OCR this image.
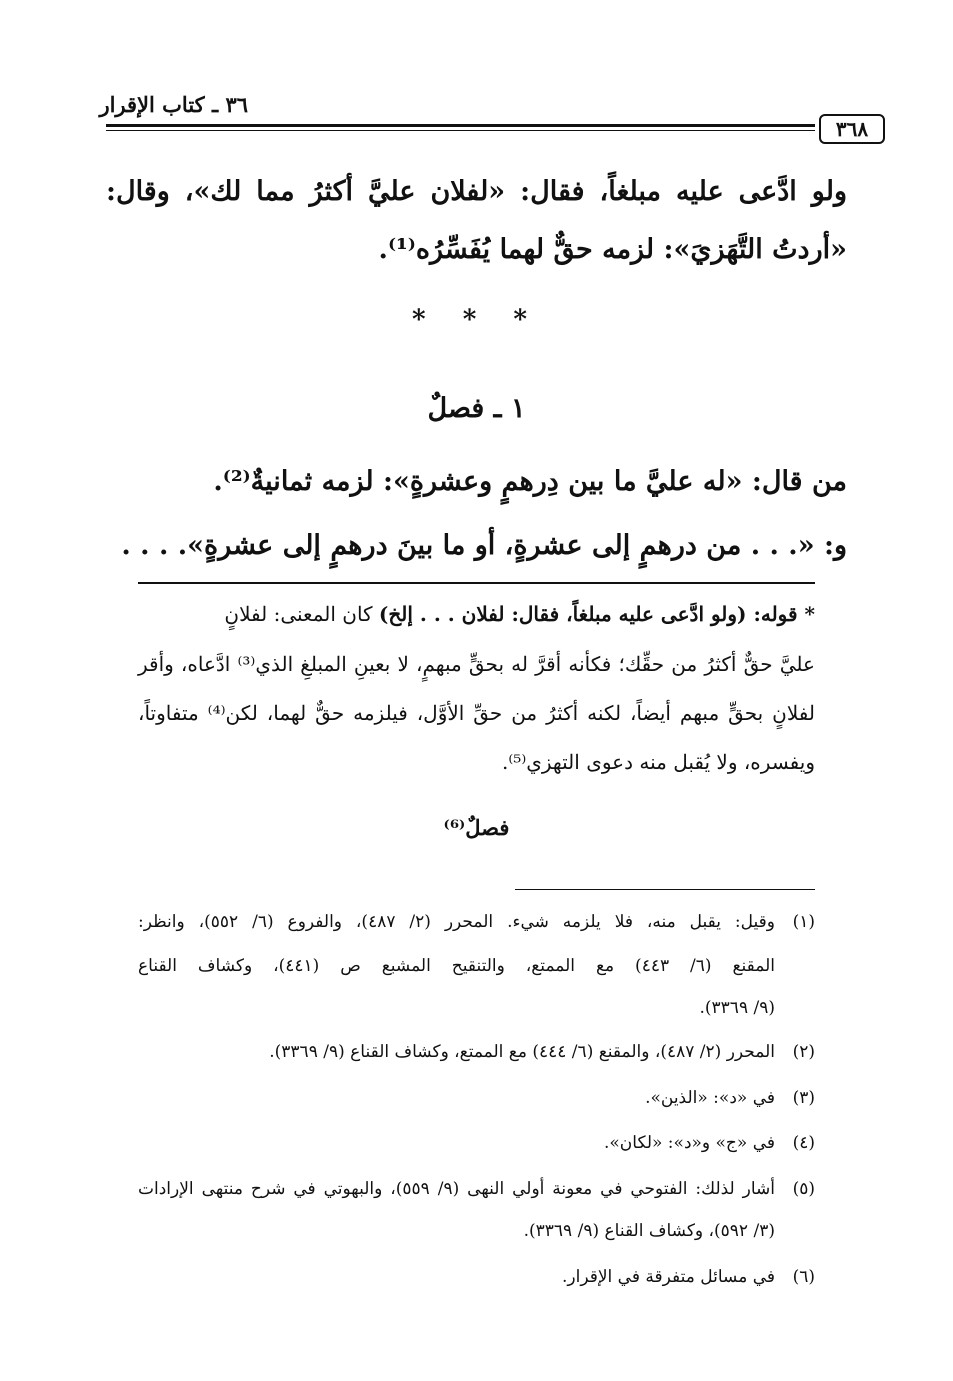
٣٦ ـ كتاب الإقرار
٣٦٨
ولو ادَّعى عليه مبلغاً، فقال: «لفلان عليَّ أكثرُ مما لك»، وقال:
«أردتُ التَّهَزيَ»: لزمه حقٌّ لهما يُفَسِّرُه⁽¹⁾.
* * *
١ ـ فصلٌ
من قال: «له عليَّ ما بين دِرهمٍ وعشرةٍ»: لزمه ثمانيةٌ⁽²⁾.
و: «. . . من درهمٍ إلى عشرةٍ، أو ما بينَ درهمٍ إلى عشرةٍ». . . .
* قوله: (ولو ادَّعى عليه مبلغاً، فقال: لفلان . . . إلخ) كان المعنى: لفلانٍ
عليَّ حقٌّ أكثرُ من حقِّك؛ فكأنه أقرَّ له بحقٍّ مبهمٍ، لا بعينِ المبلغِ الذي⁽³⁾ ادَّعاه، وأقر
لفلانٍ بحقٍّ مبهم أيضاً، لكنه أكثرُ من حقِّ الأوَّل، فيلزمه حقٌّ لهما، لكن⁽⁴⁾ متفاوتاً،
ويفسره، ولا يُقبل منه دعوى التهزي⁽⁵⁾.
فصلٌ⁽⁶⁾
(١)
وقيل: يقبل منه، فلا يلزمه شيء. المحرر (٢/ ٤٨٧)، والفروع (٦/ ٥٥٢)، وانظر:
المقنع (٦/ ٤٤٣) مع الممتع، والتنقيح المشبع ص (٤٤١)، وكشاف القناع
(٩/ ٣٣٦٩).
(٢)
المحرر (٢/ ٤٨٧)، والمقنع (٦/ ٤٤٤) مع الممتع، وكشاف القناع (٩/ ٣٣٦٩).
(٣)
في «د»: «الذين».
(٤)
في «ج» و«د»: «لكان».
(٥)
أشار لذلك: الفتوحي في معونة أولي النهى (٩/ ٥٥٩)، والبهوتي في شرح منتهى الإرادات
(٣/ ٥٩٢)، وكشاف القناع (٩/ ٣٣٦٩).
(٦)
في مسائل متفرقة في الإقرار.
